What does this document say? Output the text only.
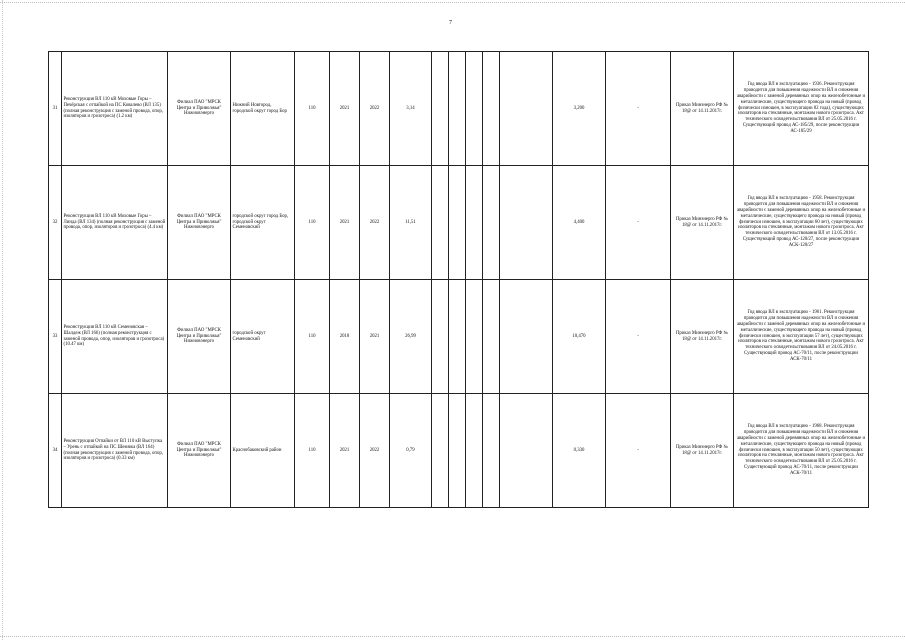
7
31	Реконструкция ВЛ 110 кВ Моховые Горы – Печёрская с отпайкой на ПС Ковалево (ВЛ 135) (полная реконструкция с заменой провода, опор, изоляторов и грозотроса) (1.2 км)	Филиал ПАО "МРСК Центра и Приволжья" Нижновэнерго	Нижний Новгород, городской округ город Бор	110	2021	2022	3,14						3,200	-	Приказ Минэнерго РФ № 18@ от 14.11.2017г.	Год ввода ВЛ в эксплуатацию - 1936. Реконструкция проводится для повышения надежности ВЛ и снижения аварийности с заменой деревянных опор на железобетонные и металлические, существующего провода на новый (провод физически изношен, в эксплуатации 82 года), существующих изоляторов на стеклянные, монтажом нового грозотроса. Акт технического освидетельствования ВЛ от 25.05.2016 г. Существующий провод АС-185/29, после реконструкции АС-185/29
32	Реконструкция ВЛ 110 кВ Моховые Горы – Линда (ВЛ 134) (полная реконструкция с заменой провода, опор, изоляторов и грозотроса) (4.4 км)	Филиал ПАО "МРСК Центра и Приволжья" Нижновэнерго	городской округ город Бор, городской округ Семеновский	110	2021	2022	11,51						4,400	-	Приказ Минэнерго РФ № 18@ от 14.11.2017г.	Год ввода ВЛ в эксплуатацию - 1958. Реконструкция проводится для повышения надежности ВЛ и снижения аварийности с заменой деревянных опор на железобетонные и металлические, существующего провода на новый (провод физически изношен, в эксплуатации 60 лет), существующих изоляторов на стеклянные, монтажом нового грозотроса. Акт технического освидетельствования ВЛ от 13.05.2016 г. Существующий провод АС-120/27, после реконструкции АСК-120/27
33	Реконструкция ВЛ 110 кВ Семеновская – Шалдеж (ВЛ 166) (полная реконструкция с заменой провода, опор, изоляторов и грозотроса) (10.47 км)	Филиал ПАО "МРСК Центра и Приволжья" Нижновэнерго	городской округ Семеновский	110	2018	2021	26,99						10,470	-	Приказ Минэнерго РФ № 18@ от 14.11.2017г.	Год ввода ВЛ в эксплуатацию - 1961. Реконструкция проводится для повышения надежности ВЛ и снижения аварийности с заменой деревянных опор на железобетонные и металлические, существующего провода на новый (провод физически изношен, в эксплуатации 57 лет), существующих изоляторов на стеклянные, монтажом нового грозотроса. Акт технического освидетельствования ВЛ от 24.05.2016 г. Существующий провод АС-70/11, после реконструкции АСК-70/11
34	Реконструкция Отпайки от ВЛ 110 кВ Выступка – Урень с отпайкой на ПС Шемяжа (ВЛ 164) (полная реконструкция с заменой провода, опор, изоляторов и грозотроса) (0.33 км)	Филиал ПАО "МРСК Центра и Приволжья" Нижновэнерго	Краснобаковский район	110	2021	2022	0,79						0,330	-	Приказ Минэнерго РФ № 18@ от 14.11.2017г.	Год ввода ВЛ в эксплуатацию - 1968. Реконструкция проводится для повышения надежности ВЛ и снижения аварийности с заменой деревянных опор на железобетонные и металлические, существующего провода на новый (провод физически изношен, в эксплуатации 50 лет), существующих изоляторов на стеклянные, монтажом нового грозотроса. Акт технического освидетельствования ВЛ от 25.05.2016 г. Существующий провод АС-70/11, после реконструкции АСК-70/11
